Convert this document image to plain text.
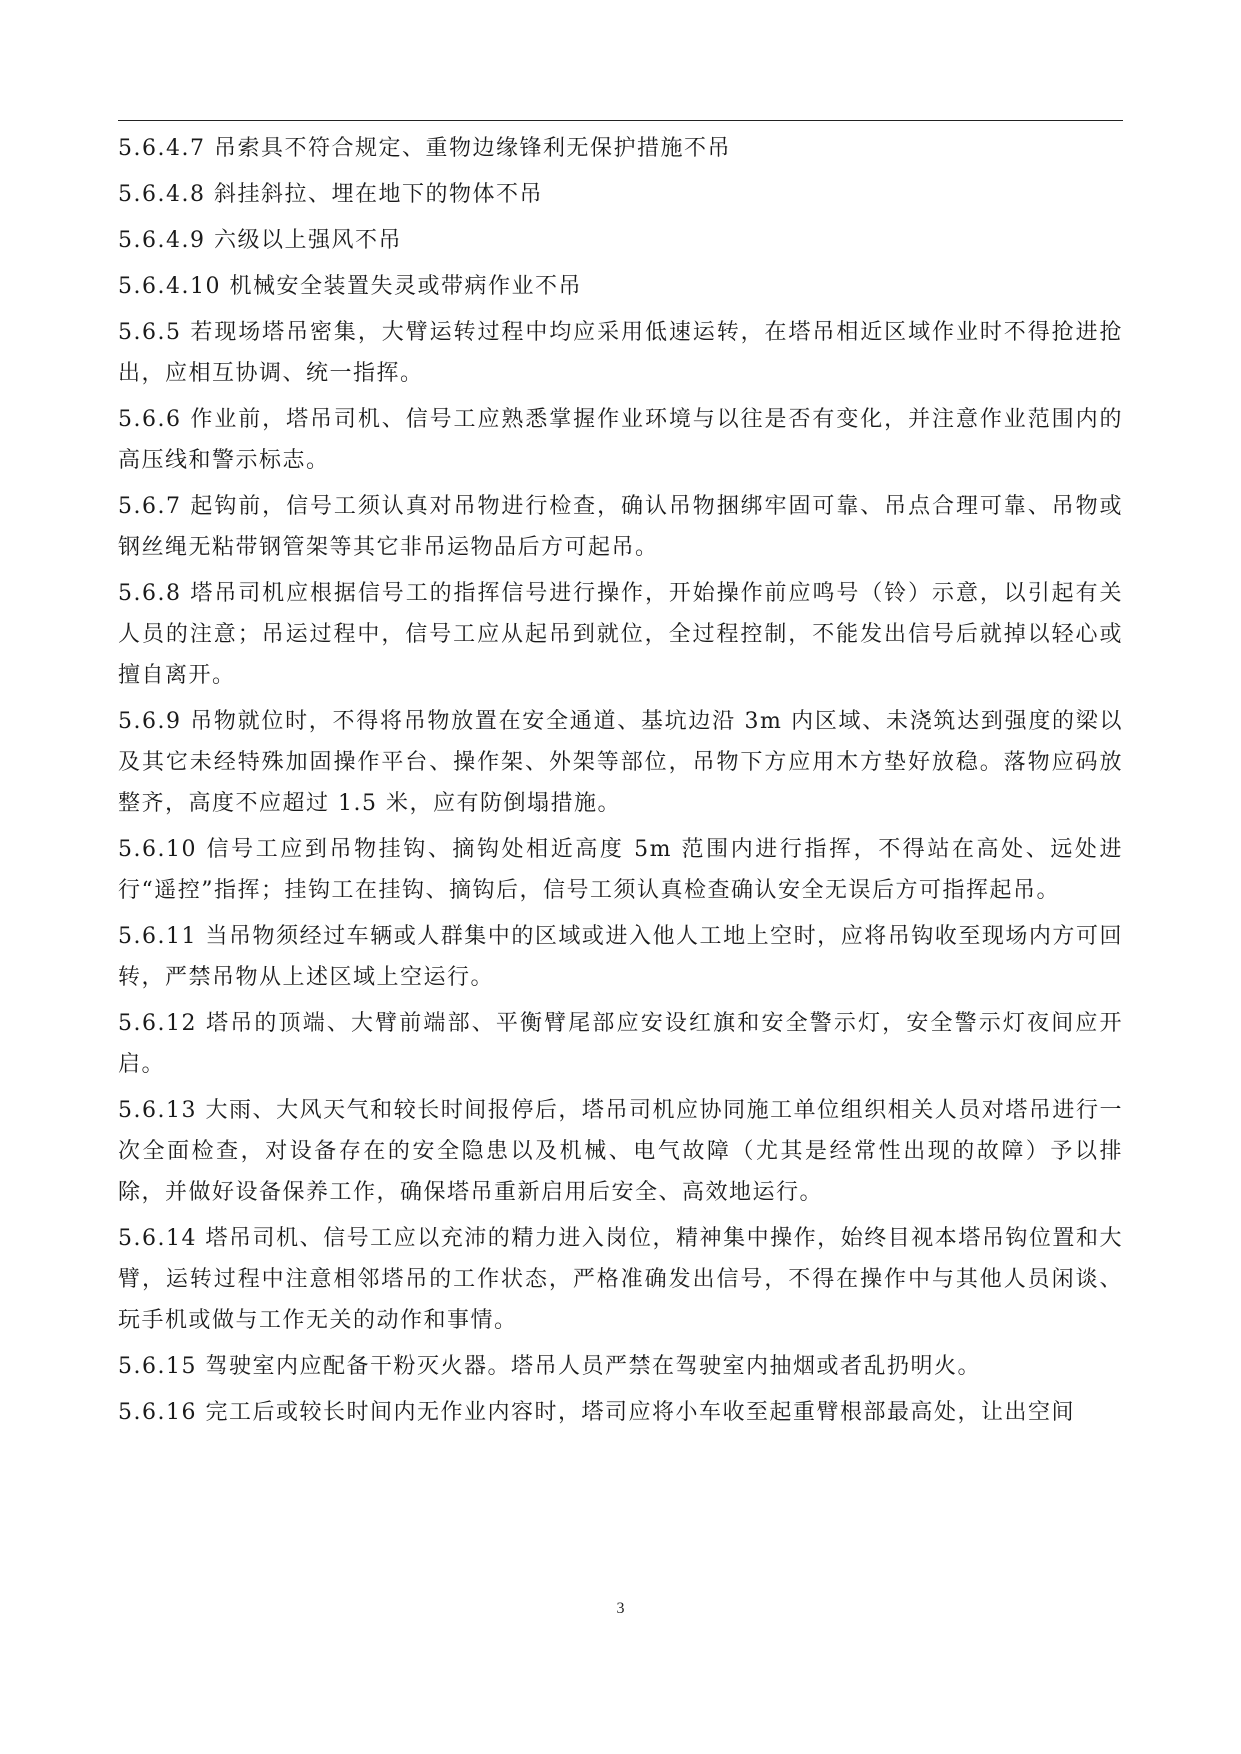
5.6.4.7 吊索具不符合规定、重物边缘锋利无保护措施不吊

5.6.4.8 斜挂斜拉、埋在地下的物体不吊

5.6.4.9 六级以上强风不吊

5.6.4.10 机械安全装置失灵或带病作业不吊

5.6.5 若现场塔吊密集，大臂运转过程中均应采用低速运转，在塔吊相近区域作业时不得抢进抢出，应相互协调、统一指挥。

5.6.6 作业前，塔吊司机、信号工应熟悉掌握作业环境与以往是否有变化，并注意作业范围内的高压线和警示标志。

5.6.7 起钩前，信号工须认真对吊物进行检查，确认吊物捆绑牢固可靠、吊点合理可靠、吊物或钢丝绳无粘带钢管架等其它非吊运物品后方可起吊。

5.6.8 塔吊司机应根据信号工的指挥信号进行操作，开始操作前应鸣号（铃）示意，以引起有关人员的注意；吊运过程中，信号工应从起吊到就位，全过程控制，不能发出信号后就掉以轻心或擅自离开。

5.6.9 吊物就位时，不得将吊物放置在安全通道、基坑边沿 3m 内区域、未浇筑达到强度的梁以及其它未经特殊加固操作平台、操作架、外架等部位，吊物下方应用木方垫好放稳。落物应码放整齐，高度不应超过 1.5 米，应有防倒塌措施。

5.6.10 信号工应到吊物挂钩、摘钩处相近高度 5m 范围内进行指挥，不得站在高处、远处进行“遥控”指挥；挂钩工在挂钩、摘钩后，信号工须认真检查确认安全无误后方可指挥起吊。

5.6.11 当吊物须经过车辆或人群集中的区域或进入他人工地上空时，应将吊钩收至现场内方可回转，严禁吊物从上述区域上空运行。

5.6.12 塔吊的顶端、大臂前端部、平衡臂尾部应安设红旗和安全警示灯，安全警示灯夜间应开启。

5.6.13 大雨、大风天气和较长时间报停后，塔吊司机应协同施工单位组织相关人员对塔吊进行一次全面检查，对设备存在的安全隐患以及机械、电气故障（尤其是经常性出现的故障）予以排除，并做好设备保养工作，确保塔吊重新启用后安全、高效地运行。

5.6.14 塔吊司机、信号工应以充沛的精力进入岗位，精神集中操作，始终目视本塔吊钩位置和大臂，运转过程中注意相邻塔吊的工作状态，严格准确发出信号，不得在操作中与其他人员闲谈、玩手机或做与工作无关的动作和事情。

5.6.15 驾驶室内应配备干粉灭火器。塔吊人员严禁在驾驶室内抽烟或者乱扔明火。

5.6.16 完工后或较长时间内无作业内容时，塔司应将小车收至起重臂根部最高处，让出空间

3
